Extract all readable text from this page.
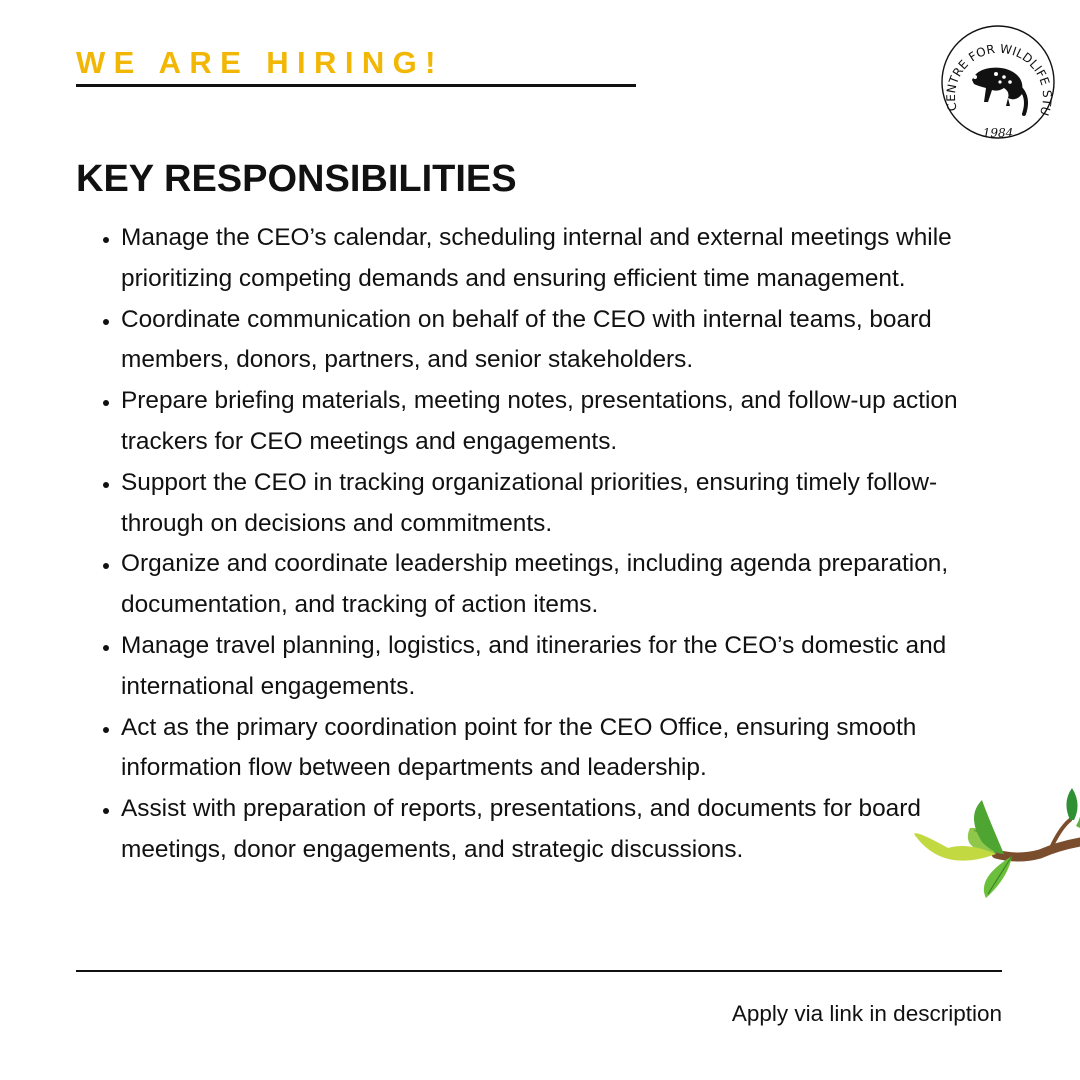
WE ARE HIRING!
CENTRE FOR WILDLIFE STU
1984
KEY RESPONSIBILITIES
• Manage the CEO’s calendar, scheduling internal and external meetings while prioritizing competing demands and ensuring efficient time management.
• Coordinate communication on behalf of the CEO with internal teams, board members, donors, partners, and senior stakeholders.
• Prepare briefing materials, meeting notes, presentations, and follow-up action trackers for CEO meetings and engagements.
• Support the CEO in tracking organizational priorities, ensuring timely follow-through on decisions and commitments.
• Organize and coordinate leadership meetings, including agenda preparation, documentation, and tracking of action items.
• Manage travel planning, logistics, and itineraries for the CEO’s domestic and international engagements.
• Act as the primary coordination point for the CEO Office, ensuring smooth information flow between departments and leadership.
• Assist with preparation of reports, presentations, and documents for board meetings, donor engagements, and strategic discussions.

Apply via link in description
